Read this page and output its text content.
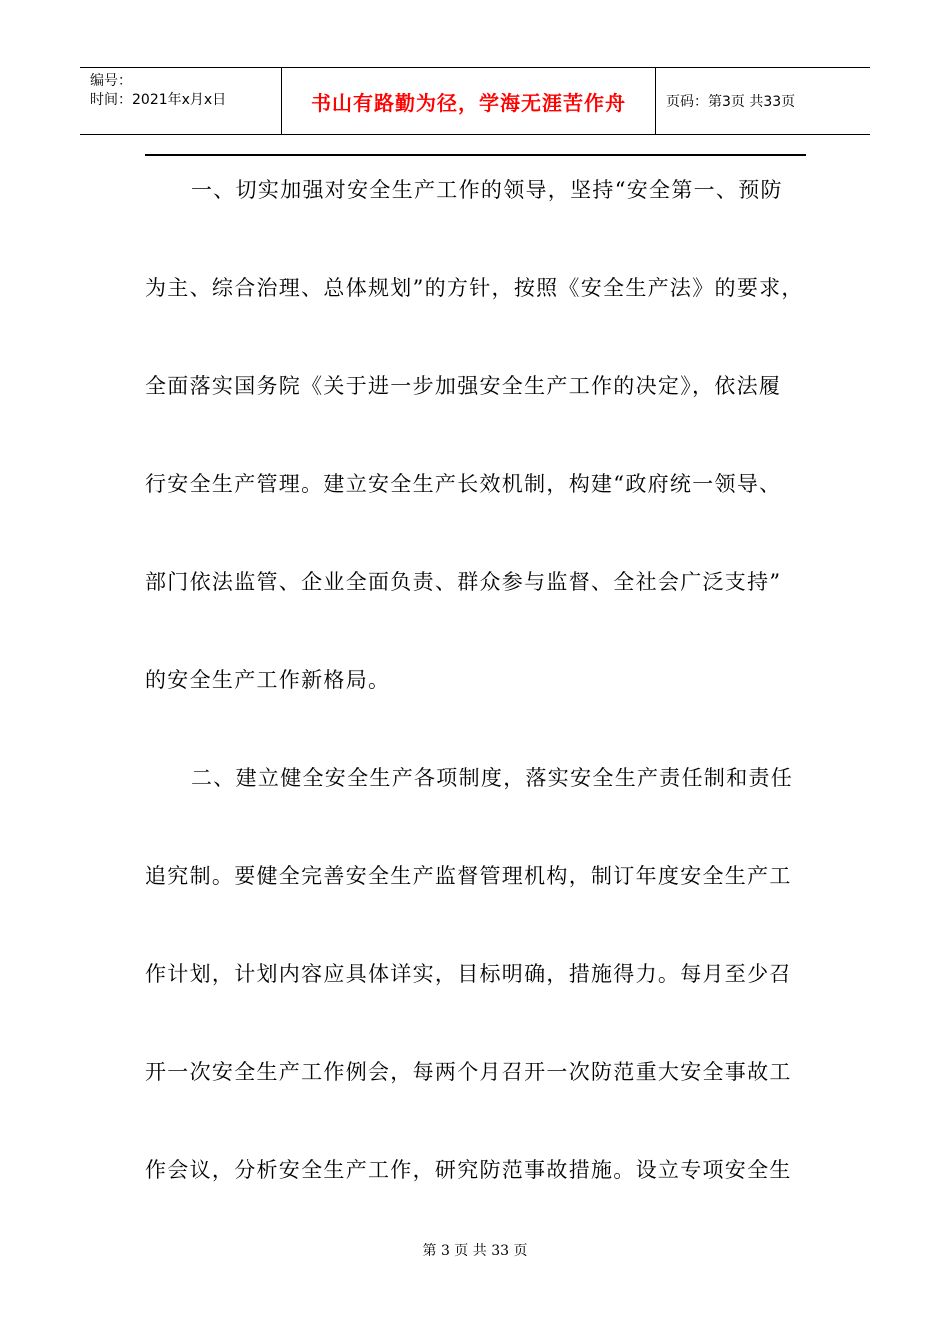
编号：
时间：2021年x月x日	书山有路勤为径，学海无涯苦作舟	页码：第3页 共33页
一、切实加强对安全生产工作的领导，坚持“安全第一、预防
为主、综合治理、总体规划”的方针，按照《安全生产法》的要求，
全面落实国务院《关于进一步加强安全生产工作的决定》，依法履
行安全生产管理。建立安全生产长效机制，构建“政府统一领导、
部门依法监管、企业全面负责、群众参与监督、全社会广泛支持”
的安全生产工作新格局。
二、建立健全安全生产各项制度，落实安全生产责任制和责任
追究制。要健全完善安全生产监督管理机构，制订年度安全生产工
作计划，计划内容应具体详实，目标明确，措施得力。每月至少召
开一次安全生产工作例会，每两个月召开一次防范重大安全事故工
作会议，分析安全生产工作，研究防范事故措施。设立专项安全生
第 3 页 共 33 页
